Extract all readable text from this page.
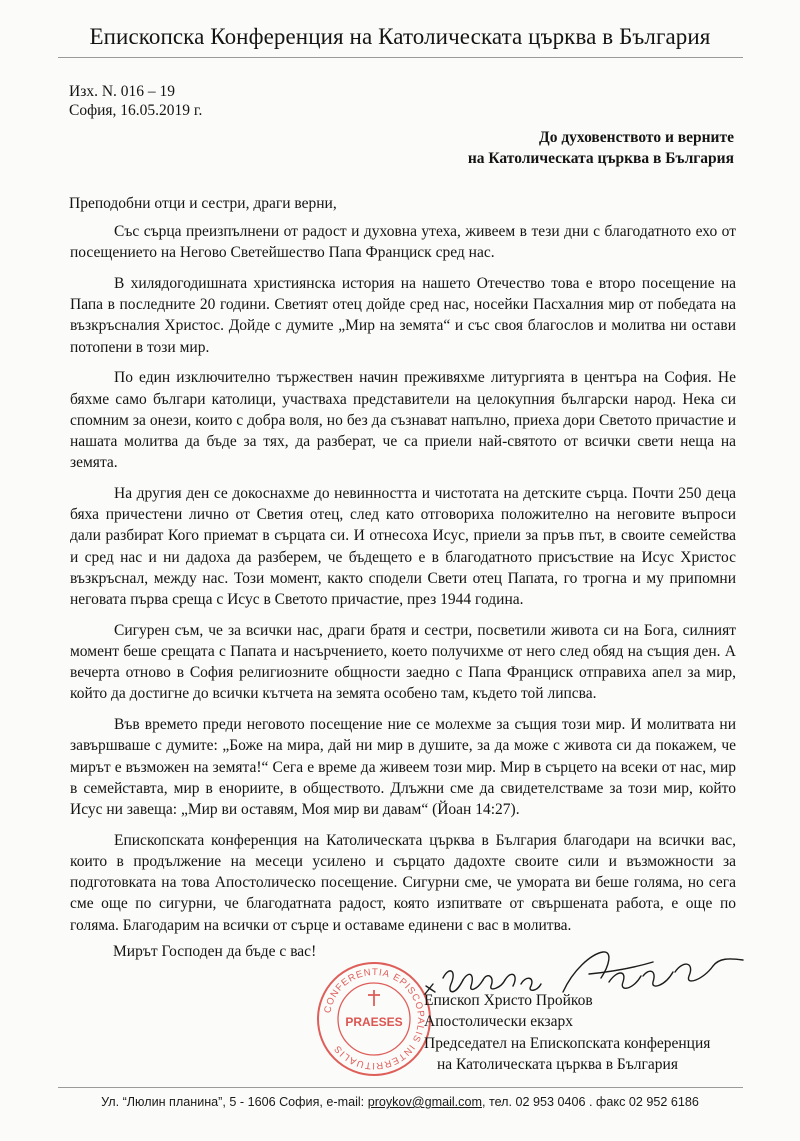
Епископска Конференция на Католическата църква в България
Изх. N. 016 – 19
София, 16.05.2019 г.
До духовенството и верните
на Католическата църква в България
Преподобни отци и сестри, драги верни,

Със сърца преизпълнени от радост и духовна утеха, живеем в тези дни с благодатното ехо от посещението на Негово Светейшество Папа Франциск сред нас.

В хилядогодишната християнска история на нашето Отечество това е второ посещение на Папа в последните 20 години. Светият отец дойде сред нас, носейки Пасхалния мир от победата на възкръсналия Христос. Дойде с думите „Мир на земята“ и със своя благослов и молитва ни остави потопени в този мир.

По един изключително тържествен начин преживяхме литургията в центъра на София. Не бяхме само българи католици, участваха представители на целокупния български народ. Нека си спомним за онези, които с добра воля, но без да съзнават напълно, приеха дори Светото причастие и нашата молитва да бъде за тях, да разберат, че са приели най-святото от всички свети неща на земята.

На другия ден се докоснахме до невинността и чистотата на детските сърца. Почти 250 деца бяха причестени лично от Светия отец, след като отговориха положително на неговите въпроси дали разбират Кого приемат в сърцата си. И отнесоха Исус, приели за пръв път, в своите семейства и сред нас и ни дадоха да разберем, че бъдещето е в благодатното присъствие на Исус Христос възкръснал, между нас. Този момент, както сподели Свети отец Папата, го трогна и му припомни неговата първа среща с Исус в Светото причастие, през 1944 година.

Сигурен съм, че за всички нас, драги братя и сестри, посветили живота си на Бога, силният момент беше срещата с Папата и насърчението, което получихме от него след обяд на същия ден. А вечерта отново в София религиозните общности заедно с Папа Франциск отправиха апел за мир, който да достигне до всички кътчета на земята особено там, където той липсва.

Във времето преди неговото посещение ние се молехме за същия този мир. И молитвата ни завършваше с думите: „Боже на мира, дай ни мир в душите, за да може с живота си да покажем, че мирът е възможен на земята!“ Сега е време да живеем този мир. Мир в сърцето на всеки от нас, мир в семейставта, мир в енориите, в обществото. Длъжни сме да свидетелстваме за този мир, който Исус ни завеща: „Мир ви оставям, Моя мир ви давам“ (Йоан 14:27).

Епископската конференция на Католическата църква в България благодари на всички вас, които в продължение на месеци усилено и сърцато дадохте своите сили и възможности за подготовката на това Апостолическо посещение. Сигурни сме, че умората ви беше голяма, но сега сме още по сигурни, че благодатната радост, която изпитвате от свършената работа, е още по голяма. Благодарим на всички от сърце и оставаме единени с вас в молитва.

Мирът Господен да бъде с вас!
CONFERENTIA EPISCOPALIS INTERRITUALIS
PRAESES
Епископ Христо Пройков
Апостолически екзарх
Председател на Епископската конференция
на Католическата църква в България
Ул. “Люлин планина”, 5 - 1606 София, e-mail: proykov@gmail.com, тел. 02 953 0406 . факс 02 952 6186
